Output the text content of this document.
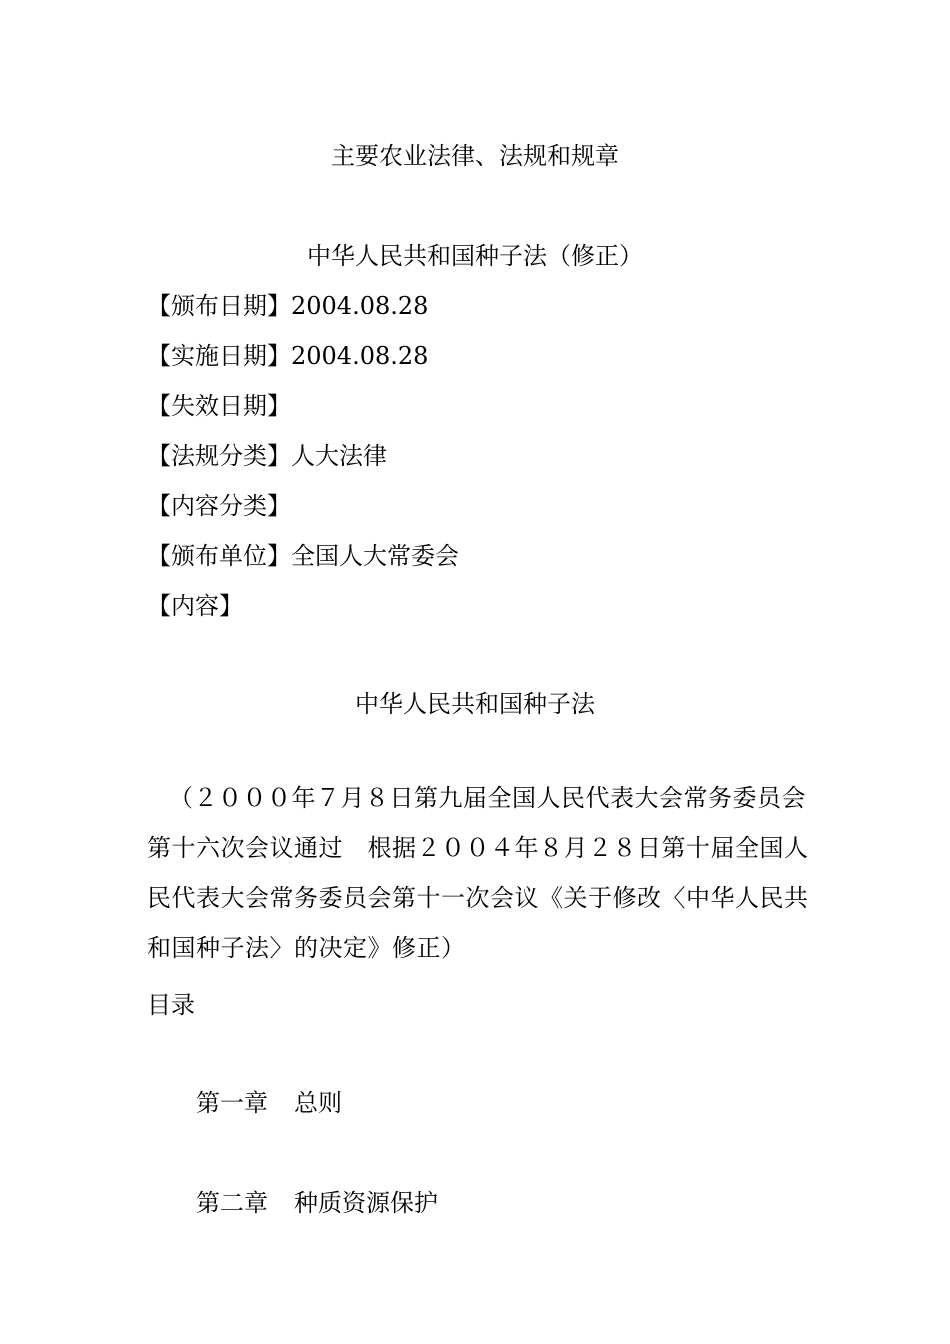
主要农业法律、法规和规章
中华人民共和国种子法（修正）
【颁布日期】2004.08.28
【实施日期】2004.08.28
【失效日期】
【法规分类】人大法律
【内容分类】
【颁布单位】全国人大常委会
【内容】
中华人民共和国种子法
（２０００年７月８日第九届全国人民代表大会常务委员会第十六次会议通过　根据２００４年８月２８日第十届全国人民代表大会常务委员会第十一次会议《关于修改〈中华人民共和国种子法〉的决定》修正）
目录
第一章 总则
第二章 种质资源保护
